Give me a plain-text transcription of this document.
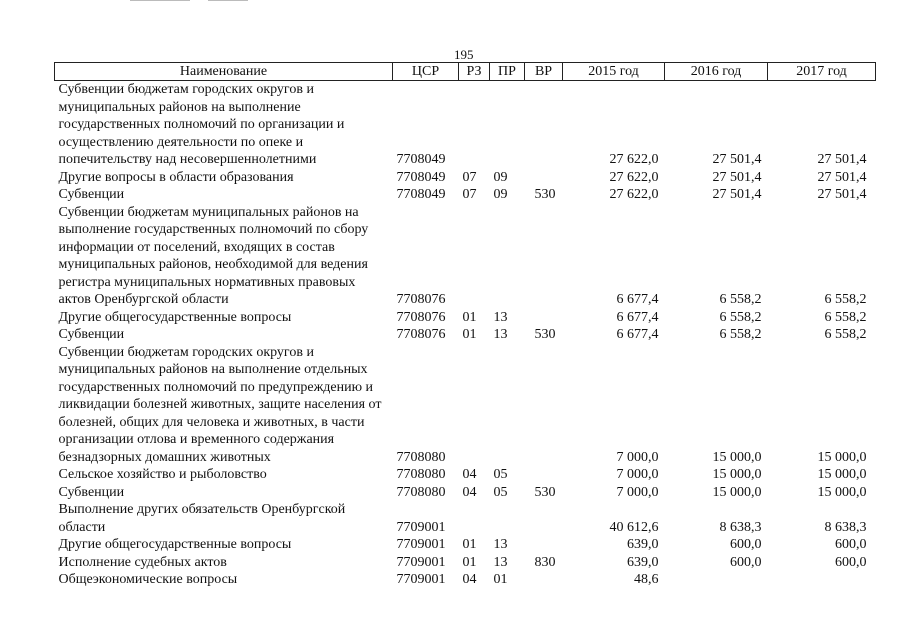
195
Наименование	ЦСР	РЗ	ПР	ВР	2015 год	2016 год	2017 год
Субвенции бюджетам городских округов и муниципальных районов на выполнение государственных полномочий по организации и осуществлению деятельности по опеке и попечительству над несовершеннолетними	7708049				27 622,0	27 501,4	27 501,4
Другие вопросы в области образования	7708049	07	09		27 622,0	27 501,4	27 501,4
Субвенции	7708049	07	09	530	27 622,0	27 501,4	27 501,4
Субвенции бюджетам муниципальных районов на выполнение государственных полномочий по сбору информации от поселений, входящих в состав муниципальных районов, необходимой для ведения регистра муниципальных нормативных правовых актов Оренбургской области	7708076				6 677,4	6 558,2	6 558,2
Другие общегосударственные вопросы	7708076	01	13		6 677,4	6 558,2	6 558,2
Субвенции	7708076	01	13	530	6 677,4	6 558,2	6 558,2
Субвенции бюджетам городских округов и муниципальных районов на выполнение отдельных государственных полномочий по предупреждению и ликвидации болезней животных, защите населения от болезней, общих для человека и животных, в части организации отлова и временного содержания безнадзорных домашних животных	7708080				7 000,0	15 000,0	15 000,0
Сельское хозяйство и рыболовство	7708080	04	05		7 000,0	15 000,0	15 000,0
Субвенции	7708080	04	05	530	7 000,0	15 000,0	15 000,0
Выполнение других обязательств Оренбургской области	7709001				40 612,6	8 638,3	8 638,3
Другие общегосударственные вопросы	7709001	01	13		639,0	600,0	600,0
Исполнение судебных актов	7709001	01	13	830	639,0	600,0	600,0
Общеэкономические вопросы	7709001	04	01		48,6		
